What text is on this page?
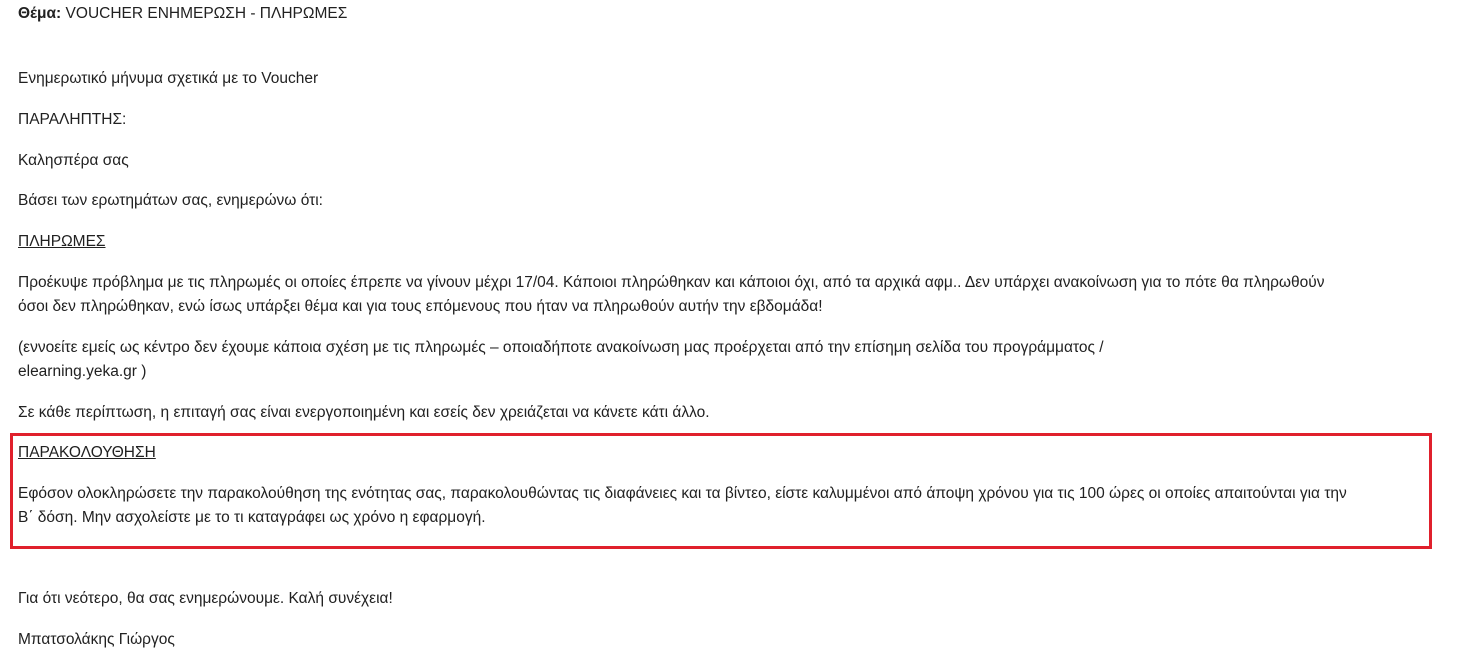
Θέμα: VOUCHER ΕΝΗΜΕΡΩΣΗ - ΠΛΗΡΩΜΕΣ
Ενημερωτικό μήνυμα σχετικά με το Voucher
ΠΑΡΑΛΗΠΤΗΣ:
Καλησπέρα σας
Βάσει των ερωτημάτων σας, ενημερώνω ότι:
ΠΛΗΡΩΜΕΣ
Προέκυψε πρόβλημα με τις πληρωμές οι οποίες έπρεπε να γίνουν μέχρι 17/04. Κάποιοι πληρώθηκαν και κάποιοι όχι, από τα αρχικά αφμ.. Δεν υπάρχει ανακοίνωση για το πότε θα πληρωθούν
όσοι δεν πληρώθηκαν, ενώ ίσως υπάρξει θέμα και για τους επόμενους που ήταν να πληρωθούν αυτήν την εβδομάδα!
(εννοείτε εμείς ως κέντρο δεν έχουμε κάποια σχέση με τις πληρωμές – οποιαδήποτε ανακοίνωση μας προέρχεται από την επίσημη σελίδα του προγράμματος /
elearning.yeka.gr )
Σε κάθε περίπτωση, η επιταγή σας είναι ενεργοποιημένη και εσείς δεν χρειάζεται να κάνετε κάτι άλλο.
ΠΑΡΑΚΟΛΟΥΘΗΣΗ
Εφόσον ολοκληρώσετε την παρακολούθηση της ενότητας σας, παρακολουθώντας τις διαφάνειες και τα βίντεο, είστε καλυμμένοι από άποψη χρόνου για τις 100 ώρες οι οποίες απαιτούνται για την
Β΄ δόση. Μην ασχολείστε με το τι καταγράφει ως χρόνο η εφαρμογή.
Για ότι νεότερο, θα σας ενημερώνουμε. Καλή συνέχεια!
Μπατσολάκης Γιώργος
